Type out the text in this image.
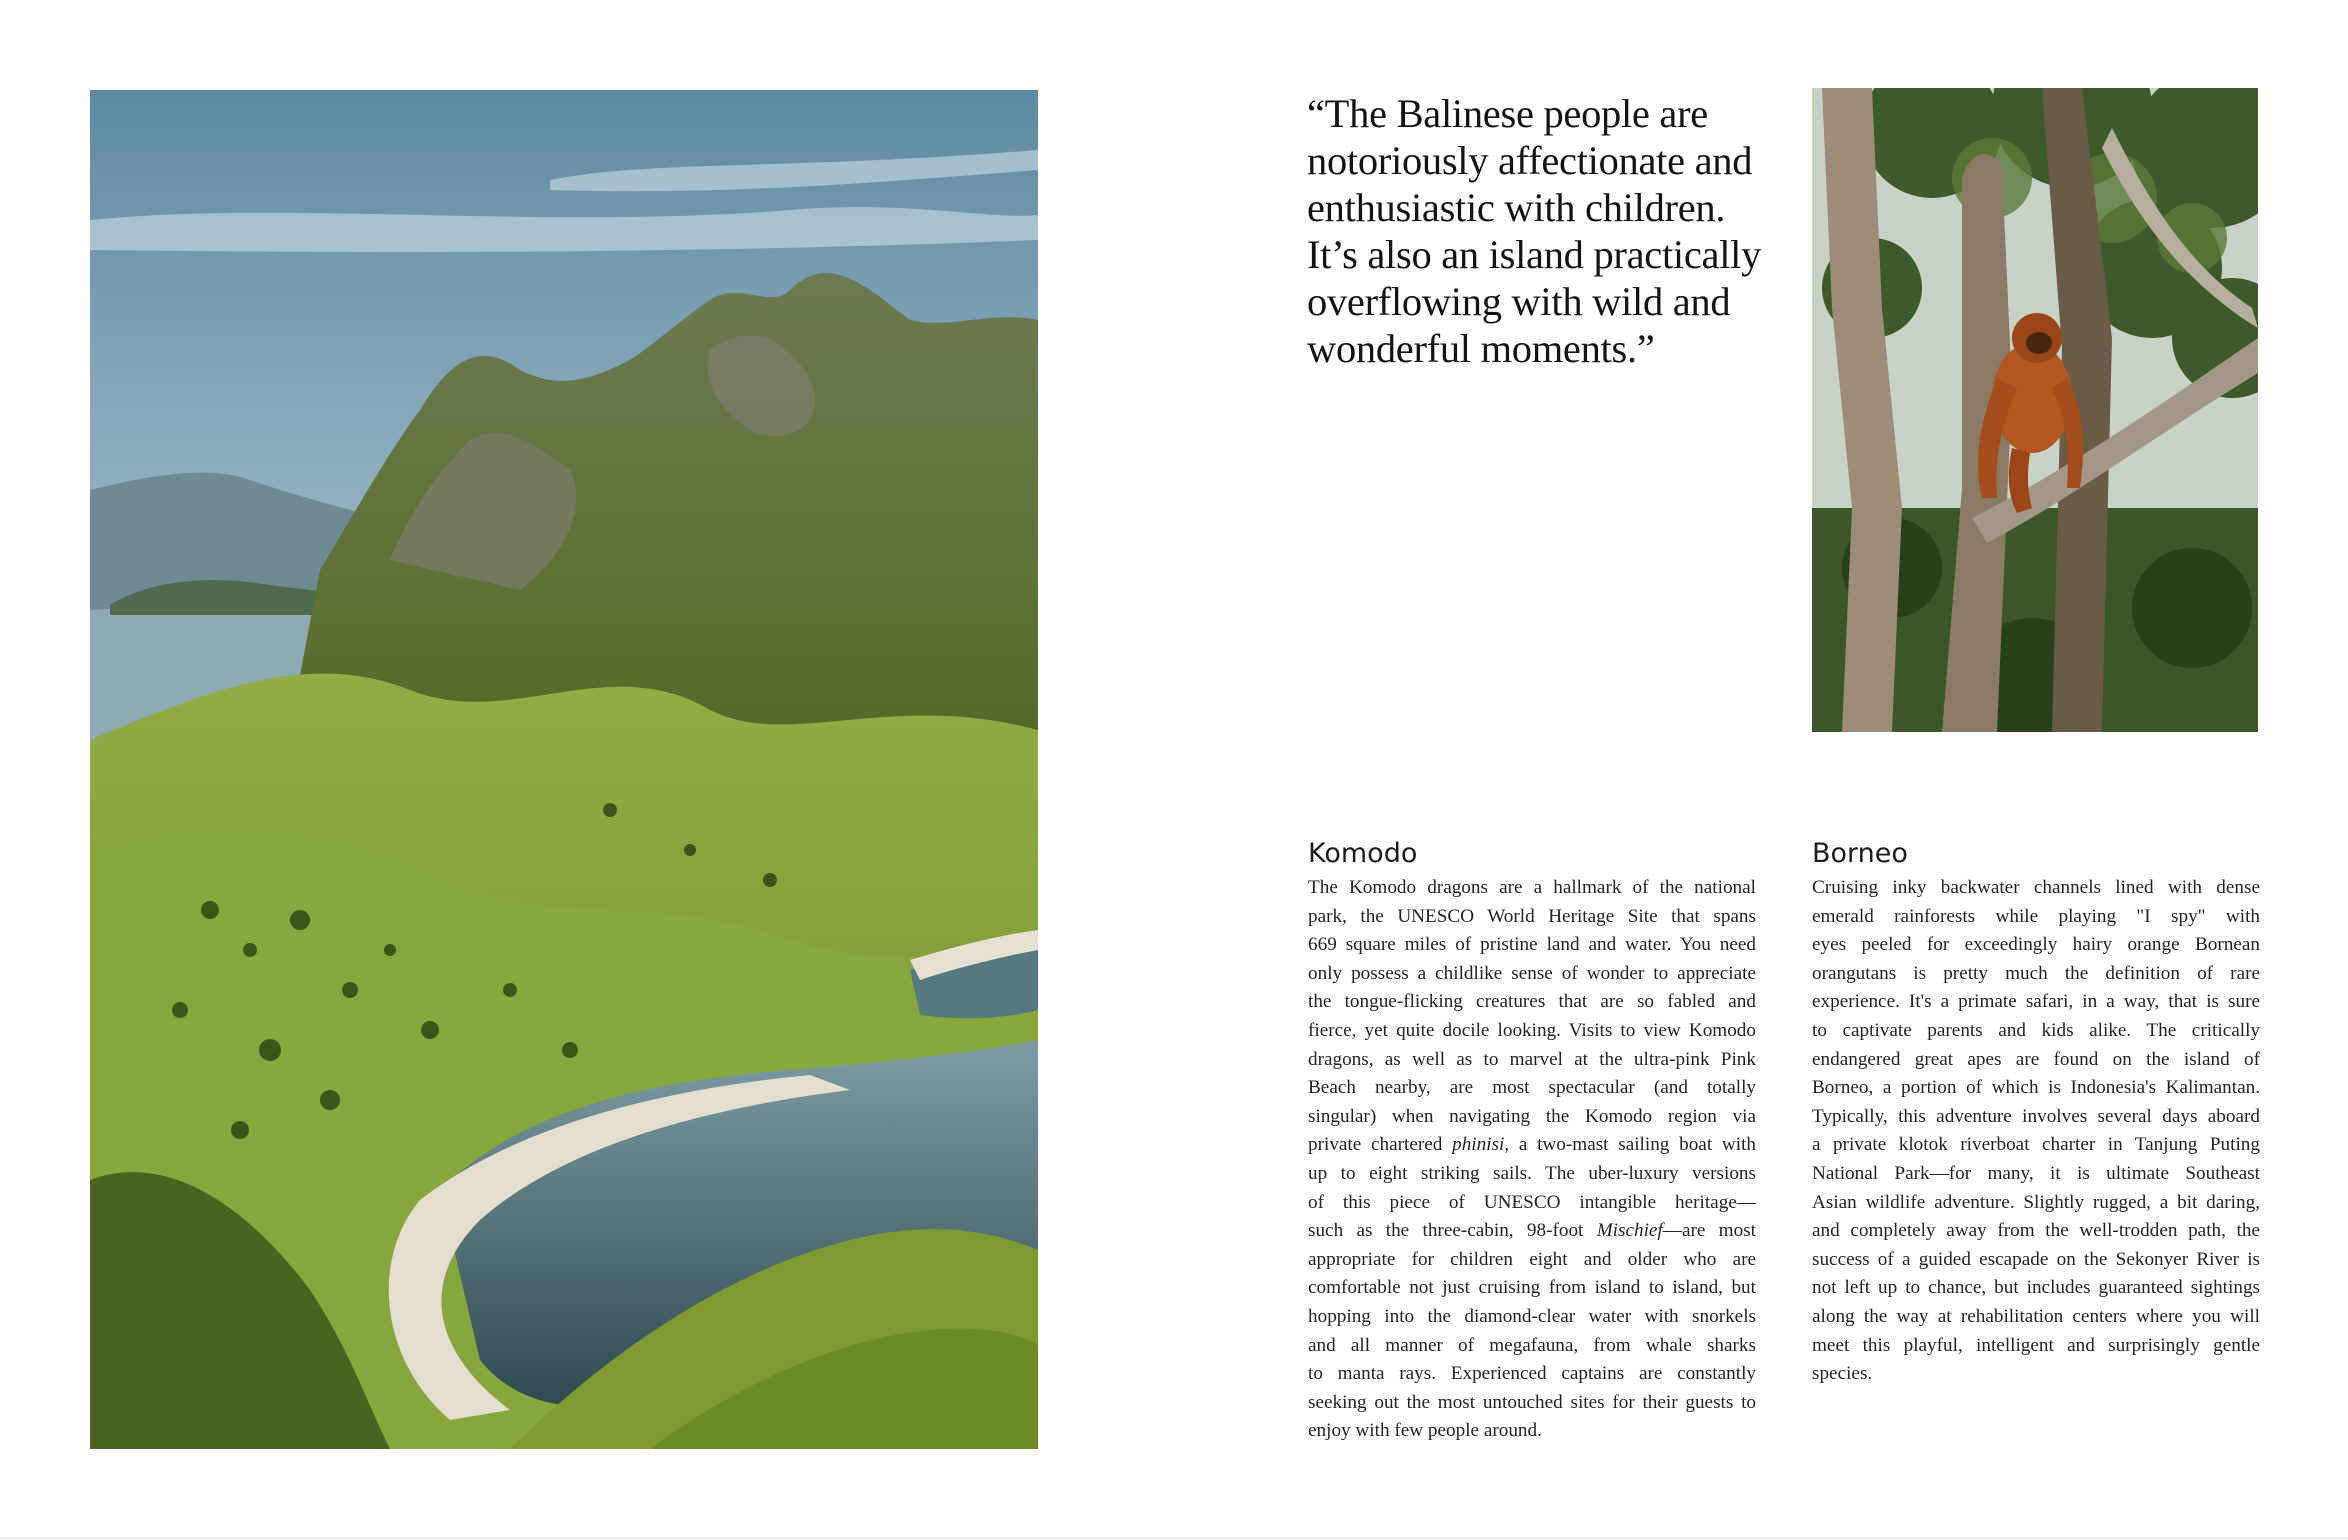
“The Balinese people are
notoriously affectionate and
enthusiastic with children.
It’s also an island practically
overflowing with wild and
wonderful moments.”
Komodo
The Komodo dragons are a hallmark of the national
park, the UNESCO World Heritage Site that spans
669 square miles of pristine land and water. You need
only possess a childlike sense of wonder to appreciate
the tongue-flicking creatures that are so fabled and
fierce, yet quite docile looking. Visits to view Komodo
dragons, as well as to marvel at the ultra-pink Pink
Beach nearby, are most spectacular (and totally
singular) when navigating the Komodo region via
private chartered phinisi, a two-mast sailing boat with
up to eight striking sails. The uber-luxury versions
of this piece of UNESCO intangible heritage—
such as the three-cabin, 98-foot Mischief—are most
appropriate for children eight and older who are
comfortable not just cruising from island to island, but
hopping into the diamond-clear water with snorkels
and all manner of megafauna, from whale sharks
to manta rays. Experienced captains are constantly
seeking out the most untouched sites for their guests to
enjoy with few people around.
Borneo
Cruising inky backwater channels lined with dense
emerald rainforests while playing "I spy" with
eyes peeled for exceedingly hairy orange Bornean
orangutans is pretty much the definition of rare
experience. It's a primate safari, in a way, that is sure
to captivate parents and kids alike. The critically
endangered great apes are found on the island of
Borneo, a portion of which is Indonesia's Kalimantan.
Typically, this adventure involves several days aboard
a private klotok riverboat charter in Tanjung Puting
National Park—for many, it is ultimate Southeast
Asian wildlife adventure. Slightly rugged, a bit daring,
and completely away from the well-trodden path, the
success of a guided escapade on the Sekonyer River is
not left up to chance, but includes guaranteed sightings
along the way at rehabilitation centers where you will
meet this playful, intelligent and surprisingly gentle
species.
